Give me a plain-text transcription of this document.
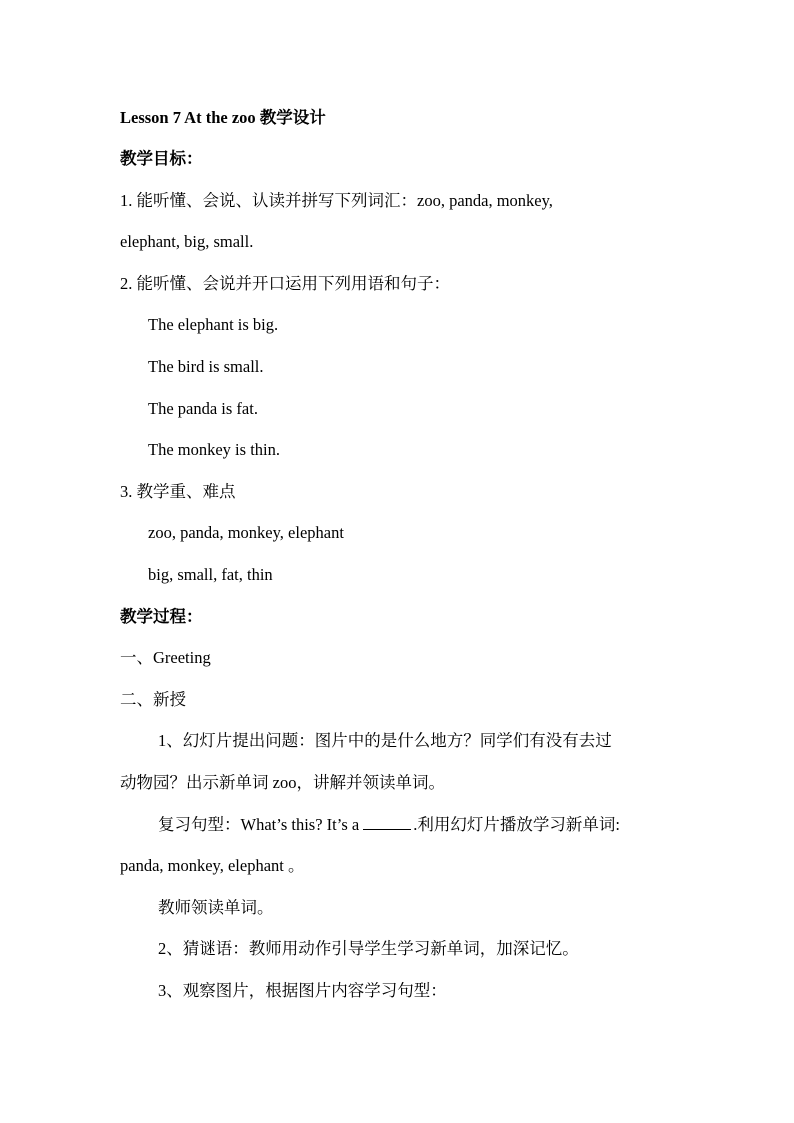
Lesson 7 At the zoo 教学设计
教学目标：
1. 能听懂、会说、认读并拼写下列词汇：zoo, panda, monkey,
elephant, big, small.
2. 能听懂、会说并开口运用下列用语和句子：
The elephant is big.
The bird is small.
The panda is fat.
The monkey is thin.
3. 教学重、难点
zoo, panda, monkey, elephant
big, small, fat, thin
教学过程：
一、Greeting
二、新授
1、幻灯片提出问题：图片中的是什么地方？同学们有没有去过
动物园？出示新单词 zoo，讲解并领读单词。
复习句型：What’s this? It’s a	.利用幻灯片播放学习新单词:
panda, monkey, elephant 。
教师领读单词。
2、猜谜语：教师用动作引导学生学习新单词，加深记忆。
3、观察图片，根据图片内容学习句型：
